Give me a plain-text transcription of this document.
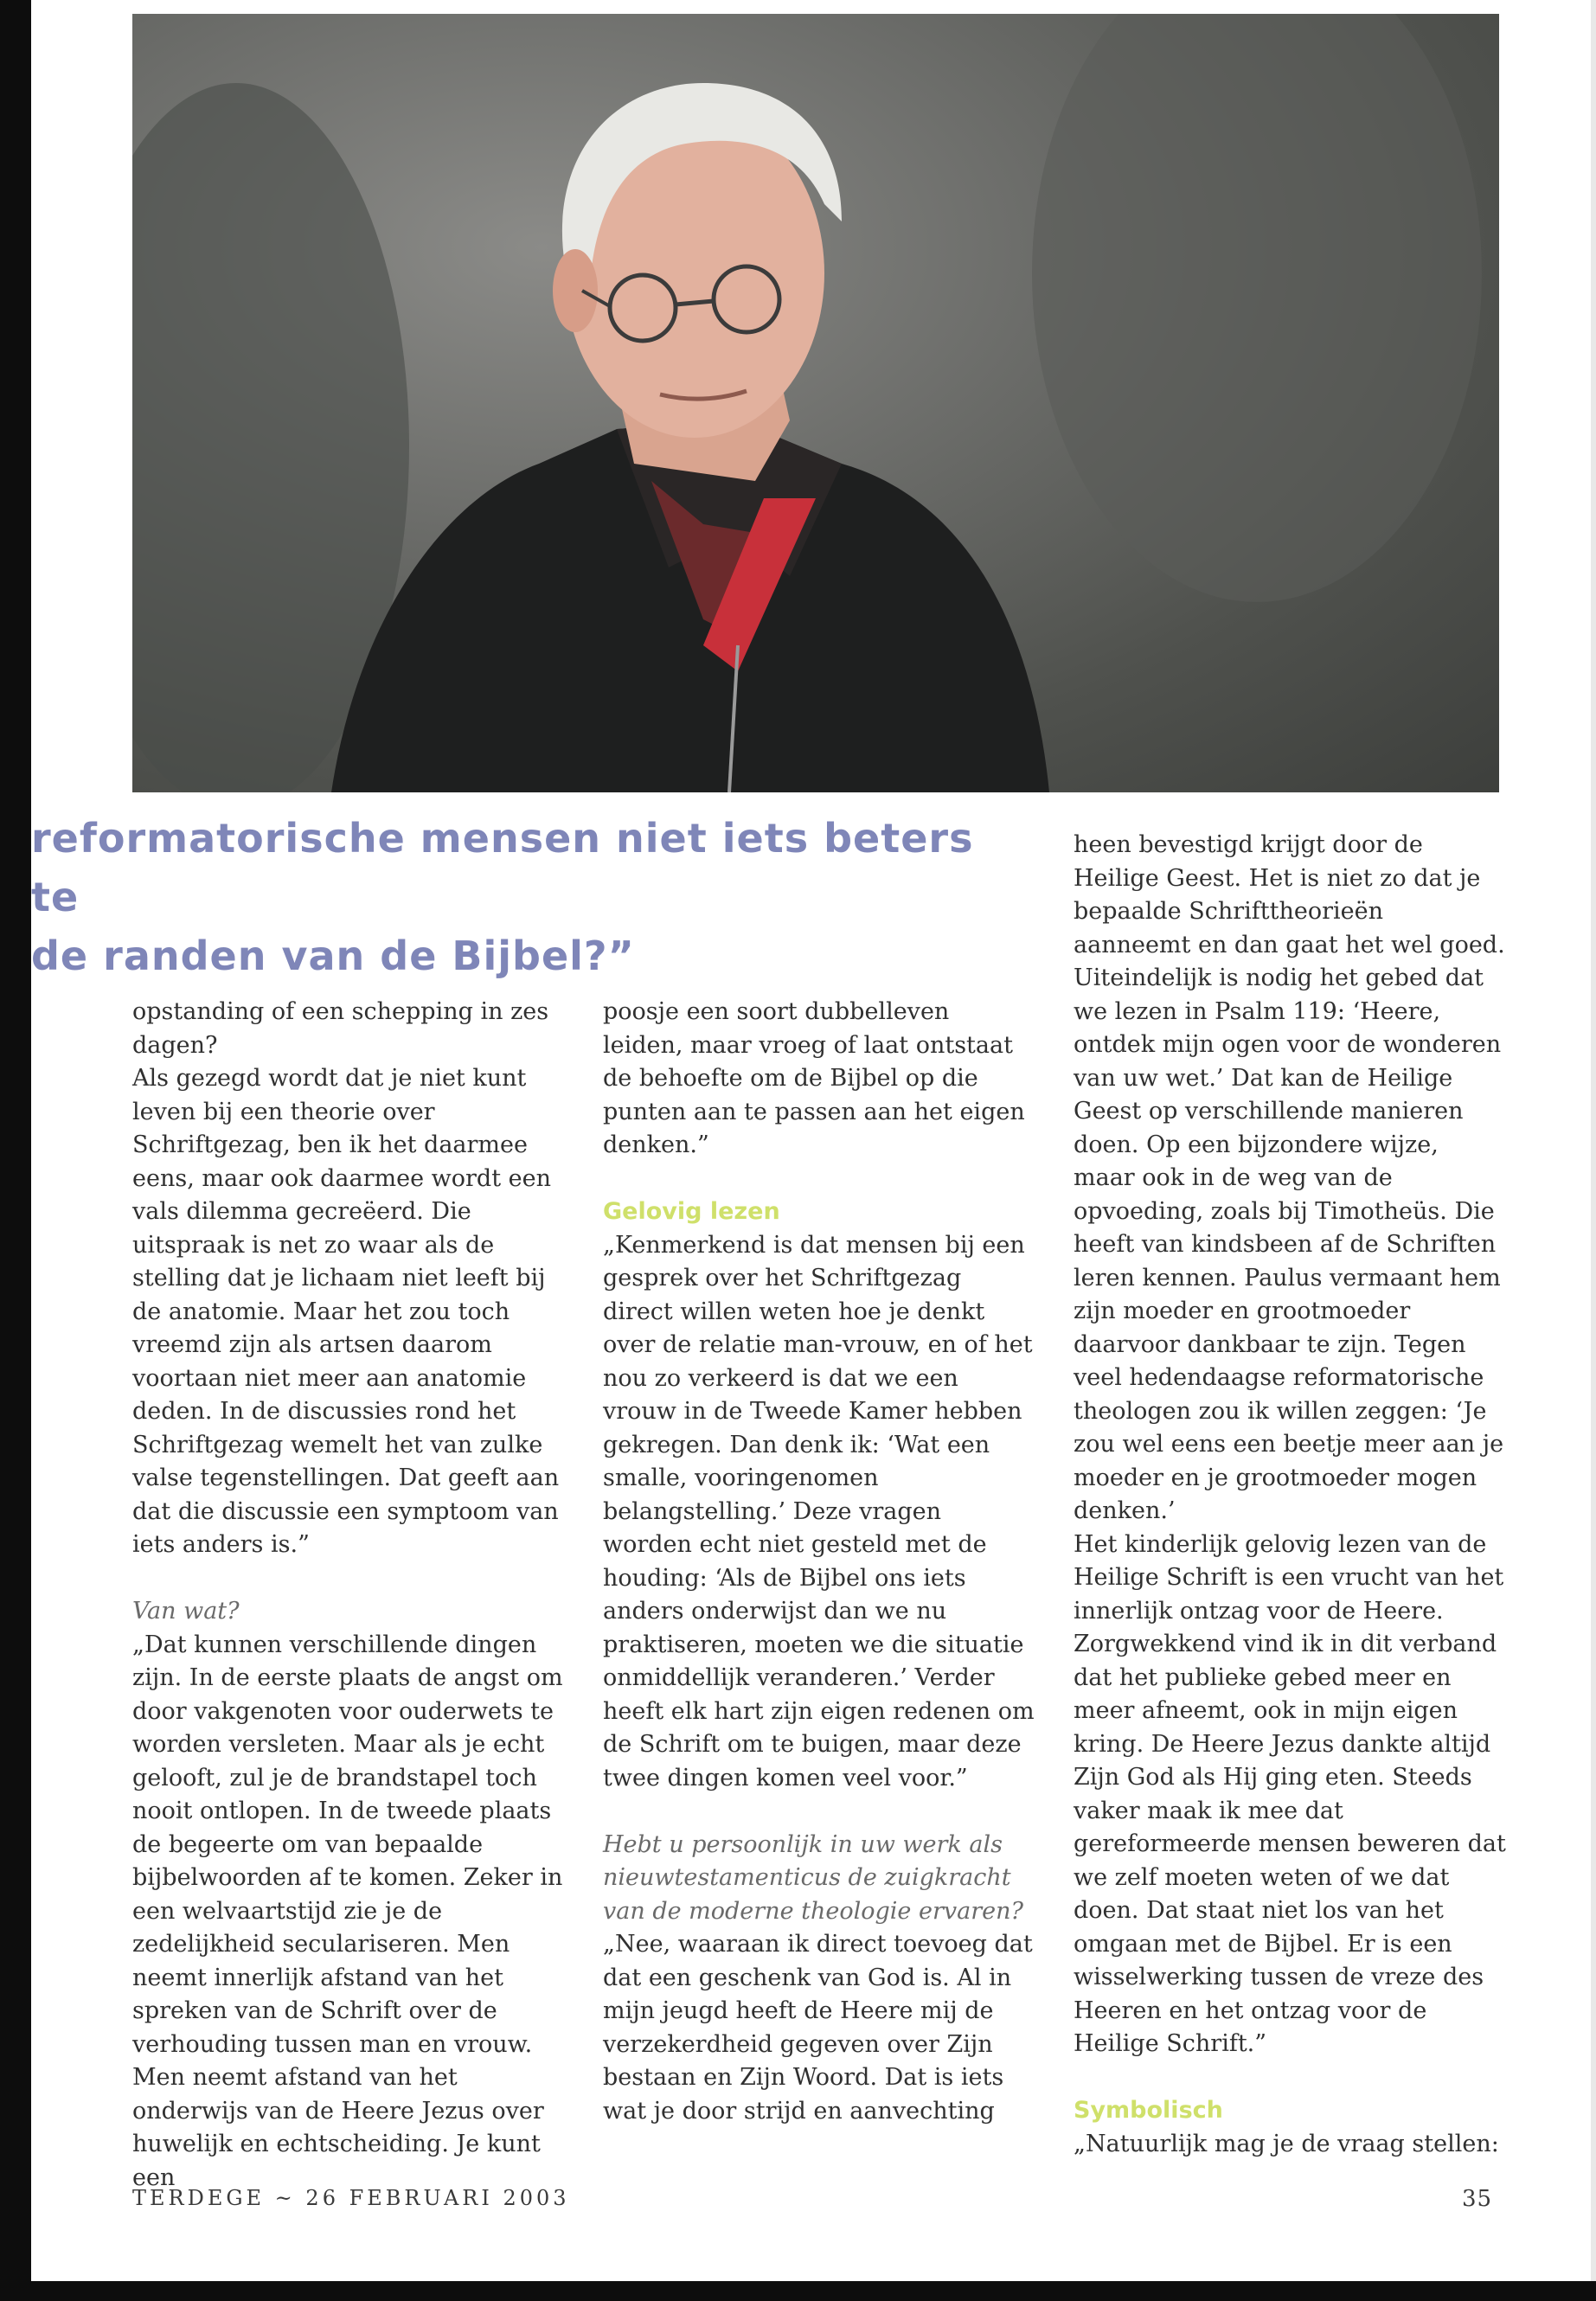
reformatorische mensen niet iets beters te
de randen van de Bijbel?”

opstanding of een schepping in zes dagen?

Als gezegd wordt dat je niet kunt leven bij een theorie over Schriftgezag, ben ik het daarmee eens, maar ook daarmee wordt een vals dilemma gecreëerd. Die uitspraak is net zo waar als de stelling dat je lichaam niet leeft bij de anatomie. Maar het zou toch vreemd zijn als artsen daarom voortaan niet meer aan anatomie deden. In de discussies rond het Schriftgezag wemelt het van zulke valse tegenstellingen. Dat geeft aan dat die discussie een symptoom van iets anders is.”

Van wat?

„Dat kunnen verschillende dingen zijn. In de eerste plaats de angst om door vakgenoten voor ouderwets te worden versleten. Maar als je echt gelooft, zul je de brandstapel toch nooit ontlopen. In de tweede plaats de begeerte om van bepaalde bijbelwoorden af te komen. Zeker in een welvaartstijd zie je de zedelijkheid seculariseren. Men neemt innerlijk afstand van het spreken van de Schrift over de verhouding tussen man en vrouw. Men neemt afstand van het onderwijs van de Heere Jezus over huwelijk en echtscheiding. Je kunt een

poosje een soort dubbelleven leiden, maar vroeg of laat ontstaat de behoefte om de Bijbel op die punten aan te passen aan het eigen denken.”

Gelovig lezen

„Kenmerkend is dat mensen bij een gesprek over het Schriftgezag direct willen weten hoe je denkt over de relatie man-vrouw, en of het nou zo verkeerd is dat we een vrouw in de Tweede Kamer hebben gekregen. Dan denk ik: ‘Wat een smalle, vooringenomen belangstelling.’ Deze vragen worden echt niet gesteld met de houding: ‘Als de Bijbel ons iets anders onderwijst dan we nu praktiseren, moeten we die situatie onmiddellijk veranderen.’ Verder heeft elk hart zijn eigen redenen om de Schrift om te buigen, maar deze twee dingen komen veel voor.”

Hebt u persoonlijk in uw werk als nieuwtestamenticus de zuigkracht van de moderne theologie ervaren?

„Nee, waaraan ik direct toevoeg dat dat een geschenk van God is. Al in mijn jeugd heeft de Heere mij de verzekerdheid gegeven over Zijn bestaan en Zijn Woord. Dat is iets wat je door strijd en aanvechting

heen bevestigd krijgt door de Heilige Geest. Het is niet zo dat je bepaalde Schrifttheorieën aanneemt en dan gaat het wel goed. Uiteindelijk is nodig het gebed dat we lezen in Psalm 119: ‘Heere, ontdek mijn ogen voor de wonderen van uw wet.’ Dat kan de Heilige Geest op verschillende manieren doen. Op een bijzondere wijze, maar ook in de weg van de opvoeding, zoals bij Timotheüs. Die heeft van kindsbeen af de Schriften leren kennen. Paulus vermaant hem zijn moeder en grootmoeder daarvoor dankbaar te zijn. Tegen veel hedendaagse reformatorische theologen zou ik willen zeggen: ‘Je zou wel eens een beetje meer aan je moeder en je grootmoeder mogen denken.’

Het kinderlijk gelovig lezen van de Heilige Schrift is een vrucht van het innerlijk ontzag voor de Heere. Zorgwekkend vind ik in dit verband dat het publieke gebed meer en meer afneemt, ook in mijn eigen kring. De Heere Jezus dankte altijd Zijn God als Hij ging eten. Steeds vaker maak ik mee dat gereformeerde mensen beweren dat we zelf moeten weten of we dat doen. Dat staat niet los van het omgaan met de Bijbel. Er is een wisselwerking tussen de vreze des Heeren en het ontzag voor de Heilige Schrift.”

Symbolisch

„Natuurlijk mag je de vraag stellen:

TERDEGE ~ 26 FEBRUARI 2003	35
